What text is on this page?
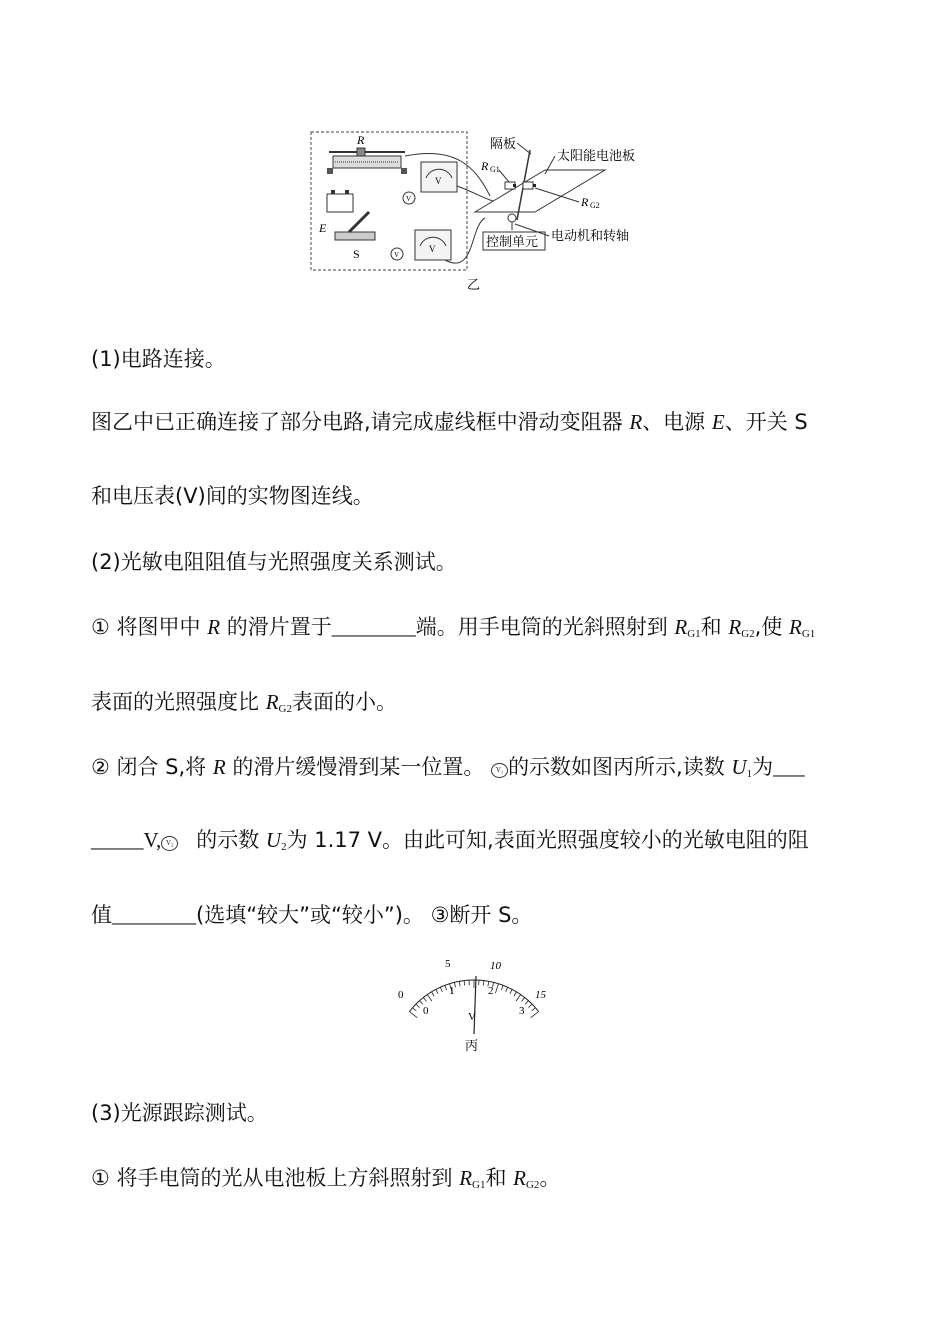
R
E
S
V
V
V
V	控制单元
隔板
太阳能电池板
R G1
R G2
电动机和转轴
乙
(1)电路连接。
图乙中已正确连接了部分电路,请完成虚线框中滑动变阻器 R、电源 E、开关 S
和电压表(V)间的实物图连线。
(2)光敏电阻阻值与光照强度关系测试。
① 将图甲中 R 的滑片置于________端。用手电筒的光斜照射到 $R_{G1}$和 $R_{G2}$,使 $R_{G1}$
表面的光照强度比 $R_{G2}$表面的小。
② 闭合 S,将 R 的滑片缓慢滑到某一位置。 V₁ 的示数如图丙所示,读数 $U_1$为___
_____V, V₂ 的示数 $U_2$为 1.17 V。由此可知,表面光照强度较小的光敏电阻的阻
值________(选填“较大”或“较小”)。 ③断开 S。
0
5	10
15
0
1	2
3
V
丙
(3)光源跟踪测试。
① 将手电筒的光从电池板上方斜照射到 $R_{G1}$和 $R_{G2}$。
